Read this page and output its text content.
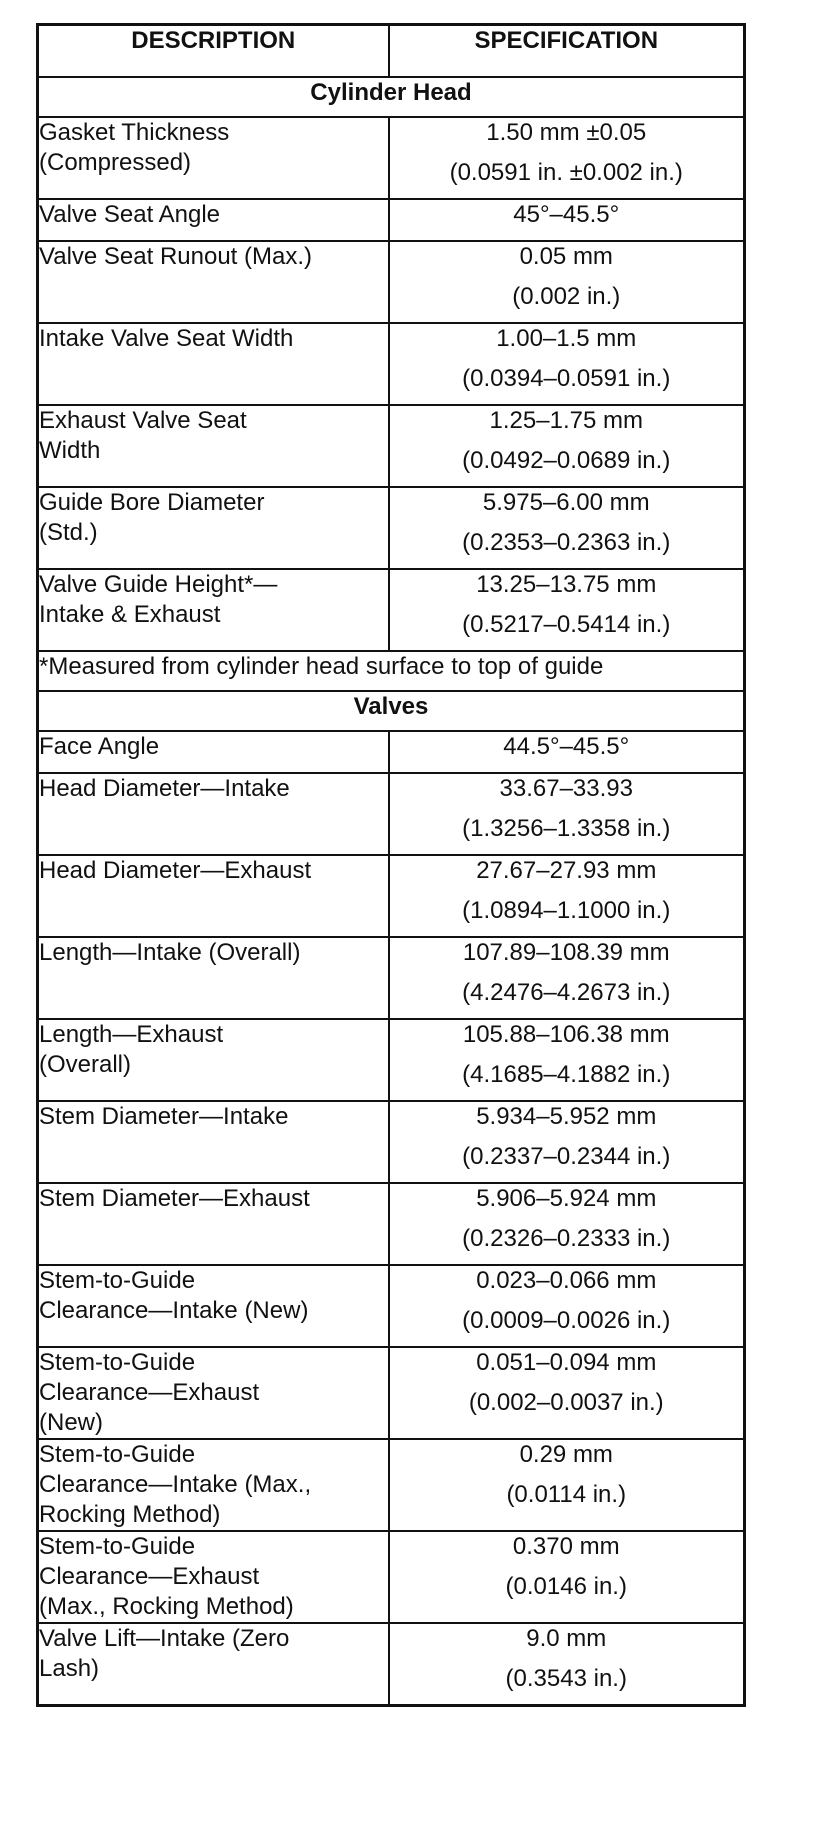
DESCRIPTION	SPECIFICATION
Cylinder Head	

Gasket Thickness
(Compressed)	1.50 mm ±0.05
(0.0591 in. ±0.002 in.)

Valve Seat Angle	45°–45.5°

Valve Seat Runout (Max.)	0.05 mm
(0.002 in.)

Intake Valve Seat Width	1.00–1.5 mm
(0.0394–0.0591 in.)

Exhaust Valve Seat
Width	1.25–1.75 mm
(0.0492–0.0689 in.)

Guide Bore Diameter
(Std.)	5.975–6.00 mm
(0.2353–0.2363 in.)

Valve Guide Height*—
Intake & Exhaust	13.25–13.75 mm
(0.5217–0.5414 in.)

*Measured from cylinder head surface to top of guide	
Valves	

Face Angle	44.5°–45.5°

Head Diameter—Intake	33.67–33.93
(1.3256–1.3358 in.)

Head Diameter—Exhaust	27.67–27.93 mm
(1.0894–1.1000 in.)

Length—Intake (Overall)	107.89–108.39 mm
(4.2476–4.2673 in.)

Length—Exhaust
(Overall)	105.88–106.38 mm
(4.1685–4.1882 in.)

Stem Diameter—Intake	5.934–5.952 mm
(0.2337–0.2344 in.)

Stem Diameter—Exhaust	5.906–5.924 mm
(0.2326–0.2333 in.)

Stem-to-Guide
Clearance—Intake (New)	0.023–0.066 mm
(0.0009–0.0026 in.)

Stem-to-Guide
Clearance—Exhaust
(New)	0.051–0.094 mm
(0.002–0.0037 in.)

Stem-to-Guide
Clearance—Intake (Max.,
Rocking Method)	0.29 mm
(0.0114 in.)

Stem-to-Guide
Clearance—Exhaust
(Max., Rocking Method)	0.370 mm
(0.0146 in.)

Valve Lift—Intake (Zero
Lash)	9.0 mm
(0.3543 in.)
